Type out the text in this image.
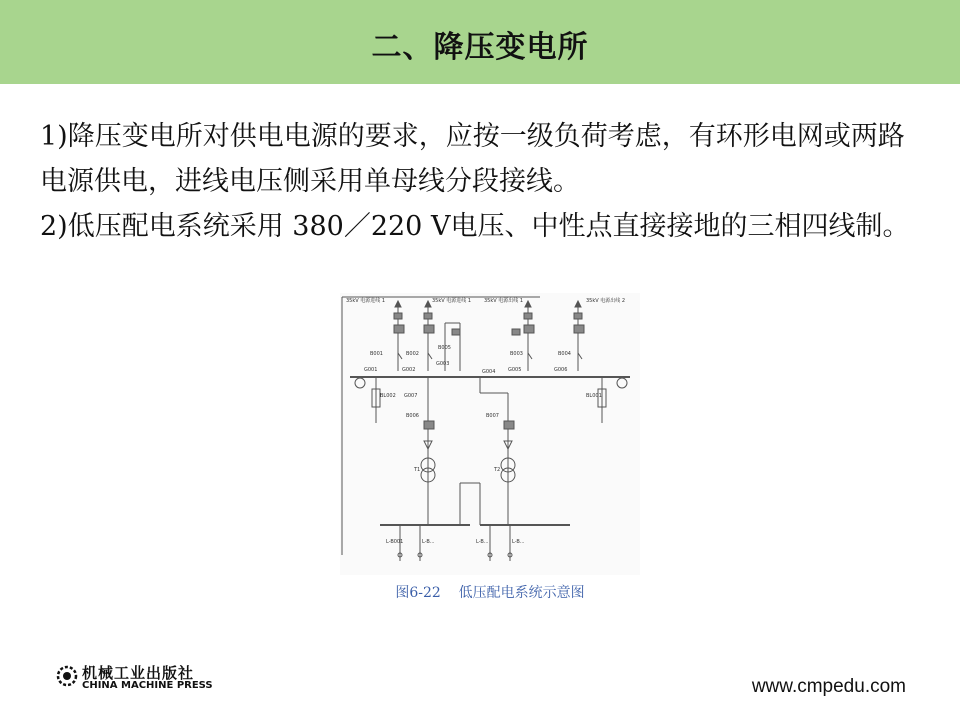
二、降压变电所

1)降压变电所对供电电源的要求，应按一级负荷考虑，有环形电网或两路电源供电，进线电压侧采用单母线分段接线。

2)低压配电系统采用 380／220 V电压、中性点直接接地的三相四线制。

35kV 电源进线 1	35kV 电源进线 1	35kV 电源出线 1	35kV 电源出线 2
B001	B002	B003
B005
B004
B006	B007
G001	G002
G003
G004	G005	G006
G007
BL002	BL001
T1	T2
L-B001	L-B...	L-B...	L-B...
图6-22    低压配电系统示意图
机械工业出版社
CHINA MACHINE PRESS	www.cmpedu.com
